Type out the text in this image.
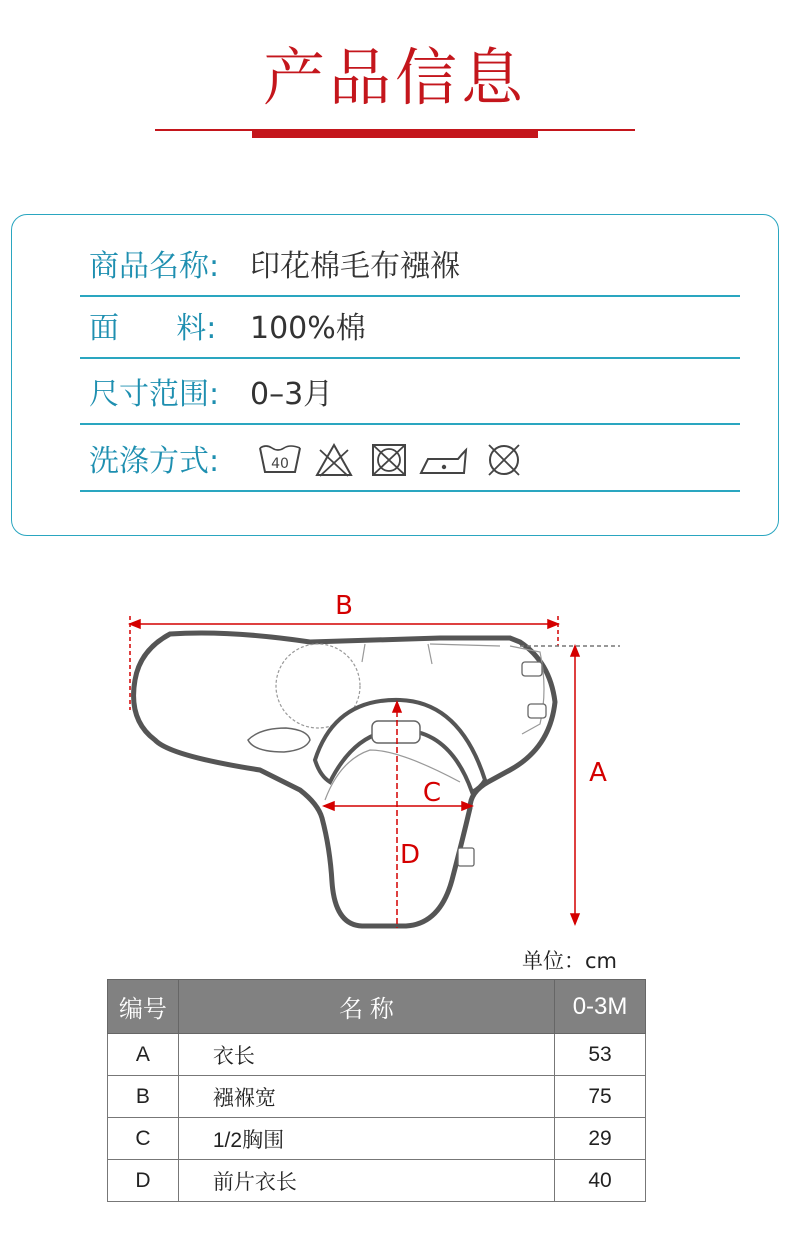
产品信息
商品名称: 印花棉毛布襁褓
面      料: 100%棉
尺寸范围: 0–3月
洗涤方式:	40
B
A
C
D
单位：cm
编号	名 称	0-3M
A	衣长	53
B	襁褓宽	75
C	1/2胸围	29
D	前片衣长	40
